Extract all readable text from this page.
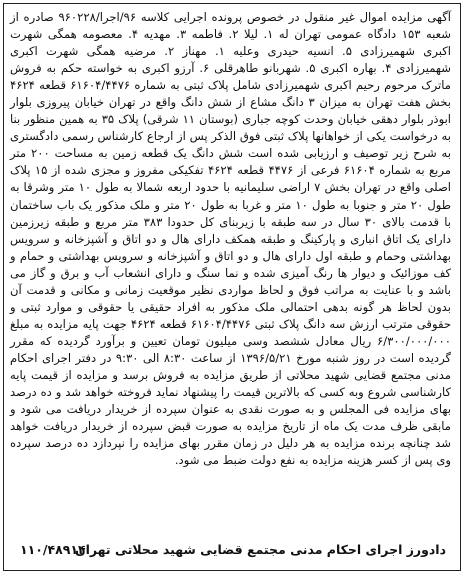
آگهی مزایده اموال غیر منقول در خصوص پرونده اجرایی کلاسه ۹۶/اجرا/۹۶۰۲۲۸ صادره از شعبه ۱۵۳ دادگاه عمومی تهران له ۱. لیلا ۲. فاطمه ۳. مهدیه ۴. معصومه همگی شهرت اکبری شهمیرزادی ۵. انسیه حیدری وعلیه ۱. مهناز ۲. مرضیه همگی شهرت اکبری شهمیرزادی ۴. بهاره اکبری ۵. شهربانو طاهرقلی ۶. آرزو اکبری به خواسته حکم به فروش ماترک مرحوم رحیم اکبری شهمیرزادی شامل پلاک ثبتی به شماره ۶۱۶۰۴/۴۴۷۶ قطعه ۴۶۲۴ بخش هفت تهران به میزان ۳ دانگ مشاع از شش دانگ واقع در تهران خیابان پیروزی بلوار ابوذر بلوار دهقی خیابان وحدت کوچه جباری (بوستان ۱۱ شرقی) پلاک ۳۵ به همین منظور بنا به درخواست یکی از خواهانها پلاک ثبتی فوق الذکر پس از ارجاع کارشناس رسمی دادگستری به شرح زیر توصیف و ارزیابی شده است شش دانگ یک قطعه زمین به مساحت ۲۰۰ متر مربع به شماره ۶۱۶۰۴ فرعی از ۴۴۷۶ قطعه ۴۶۲۴ تفکیکی مفروز و مجزی شده از ۱۵ پلاک اصلی واقع در تهران بخش ۷ اراضی سلیمانیه با حدود اربعه شمالا به طول ۱۰ متر وشرقا به طول ۲۰ متر و جنوبا به طول ۱۰ متر و غربا به طول ۲۰ متر و ملک مذکور یک باب ساختمان با قدمت بالای ۳۰ سال در سه طبقه با زیربنای کل حدودا ۳۸۳ متر مربع و طبقه زیرزمین دارای یک اتاق انباری و پارکینگ و طبقه همکف دارای هال و دو اتاق و آشپزخانه و سرویس بهداشتی وحمام و طبقه اول دارای هال و دو اتاق و آشپزخانه و سرویس بهداشتی و حمام و کف موزائیک و دیوار ها رنگ آمیزی شده و نما سنگ و دارای انشعاب آب و برق و گاز می باشد و با عنایت به مراتب فوق و لحاظ مواردی نظیر موقعیت زمانی و مکانی و قدمت آن بدون لحاظ هر گونه بدهی احتمالی ملک مذکور به افراد حقیقی یا حقوقی و موارد ثبتی و حقوقی مترتب ارزش سه دانگ پلاک ثبتی ۶۱۶۰۴/۴۴۷۶ قطعه ۴۶۲۴ جهت پایه مزایده به مبلغ ۶/۳۰۰/۰۰۰/۰۰۰ ریال معادل ششصد وسی میلیون تومان تعیین و برآورد گردیده که مقرر گردیده است در روز شنبه مورخ ۱۳۹۶/۵/۲۱ از ساعت ۸:۳۰ الی ۹:۳۰ در دفتر اجرای احکام مدنی مجتمع قضایی شهید محلاتی از طریق مزایده به فروش برسد و مزایده از قیمت پایه کارشناسی شروع وبه کسی که بالاترین قیمت را پیشنهاد نماید فروخته خواهد شد و ده درصد بهای مزایده فی المجلس و به صورت نقدی به عنوان سپرده از خریدار دریافت می شود و مابقی ظرف مدت یک ماه از تاریخ مزایده به صورت قبض سپرده از خریدار دریافت خواهد شد چنانچه برنده مزایده به هر دلیل در زمان مقرر بهای مزایده را نپردازد ده درصد سپرده وی پس از کسر هزینه مزایده به نفع دولت ضبط می شود.

دادورز اجرای احکام مدنی مجتمع قضایی شهید محلاتی تهران
۱۱۰/۴۸۹۱۴
